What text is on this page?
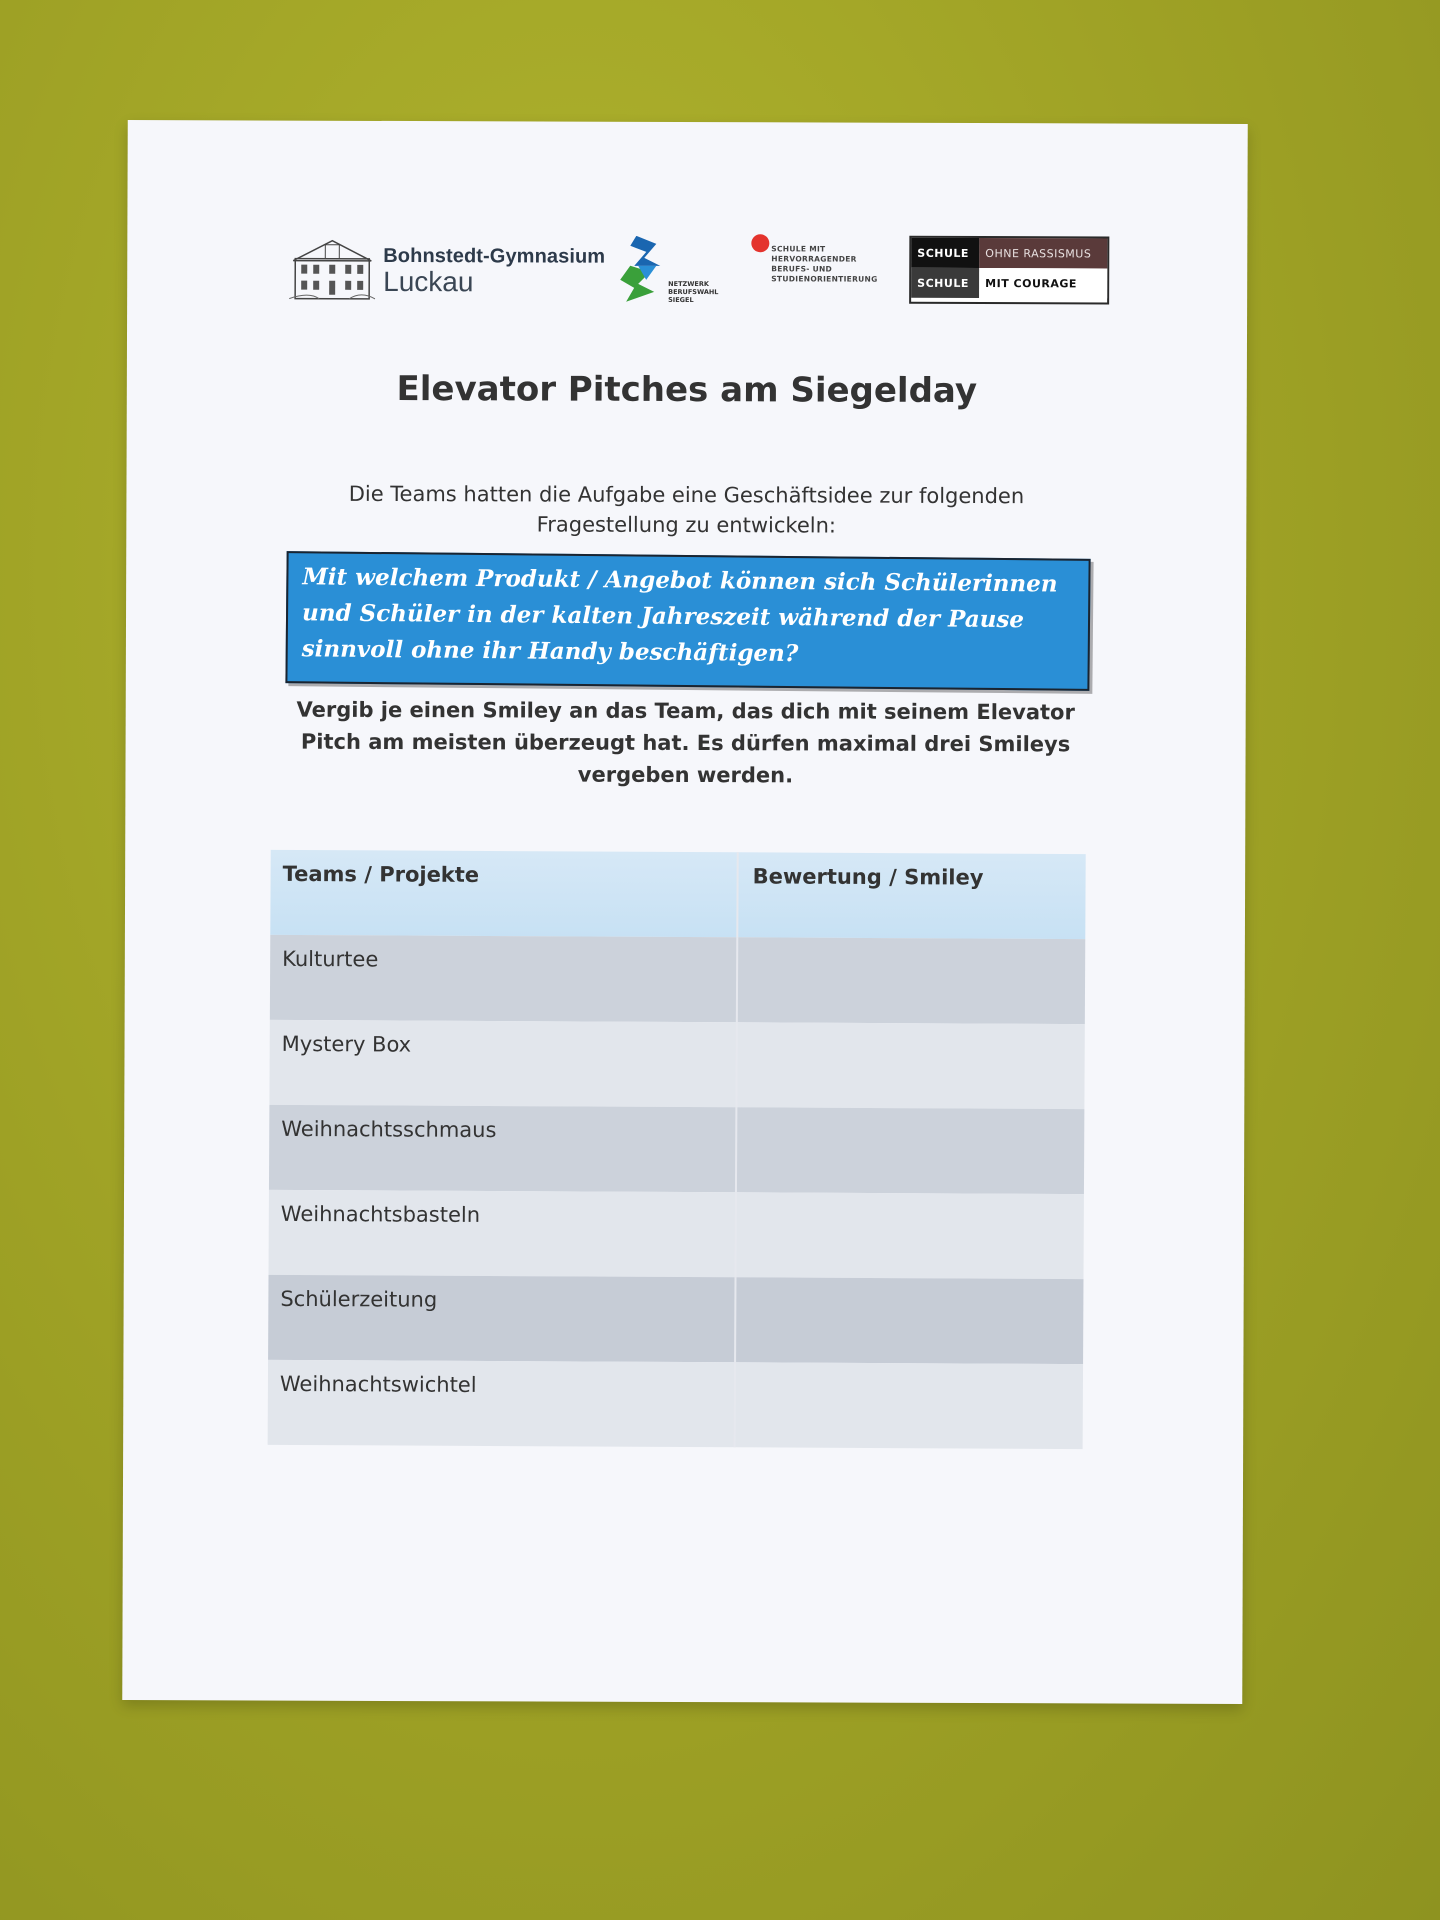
Bohnstedt-Gymnasium
Luckau	NETZWERK
BERUFSWAHL
SIEGEL
SCHULE MIT
HERVORRAGENDER
BERUFS- UND
STUDIENORIENTIERUNG
SCHULE	OHNE RASSISMUS
SCHULE	MIT COURAGE
Elevator Pitches am Siegelday
Die Teams hatten die Aufgabe eine Geschäftsidee zur folgenden Fragestellung zu entwickeln:
Mit welchem Produkt / Angebot können sich Schülerinnen und Schüler in der kalten Jahreszeit während der Pause sinnvoll ohne ihr Handy beschäftigen?
Vergib je einen Smiley an das Team, das dich mit seinem Elevator Pitch am meisten überzeugt hat. Es dürfen maximal drei Smileys vergeben werden.
Teams / Projekte	Bewertung / Smiley
Kulturtee
Mystery Box
Weihnachtsschmaus
Weihnachtsbasteln
Schülerzeitung
Weihnachtswichtel
